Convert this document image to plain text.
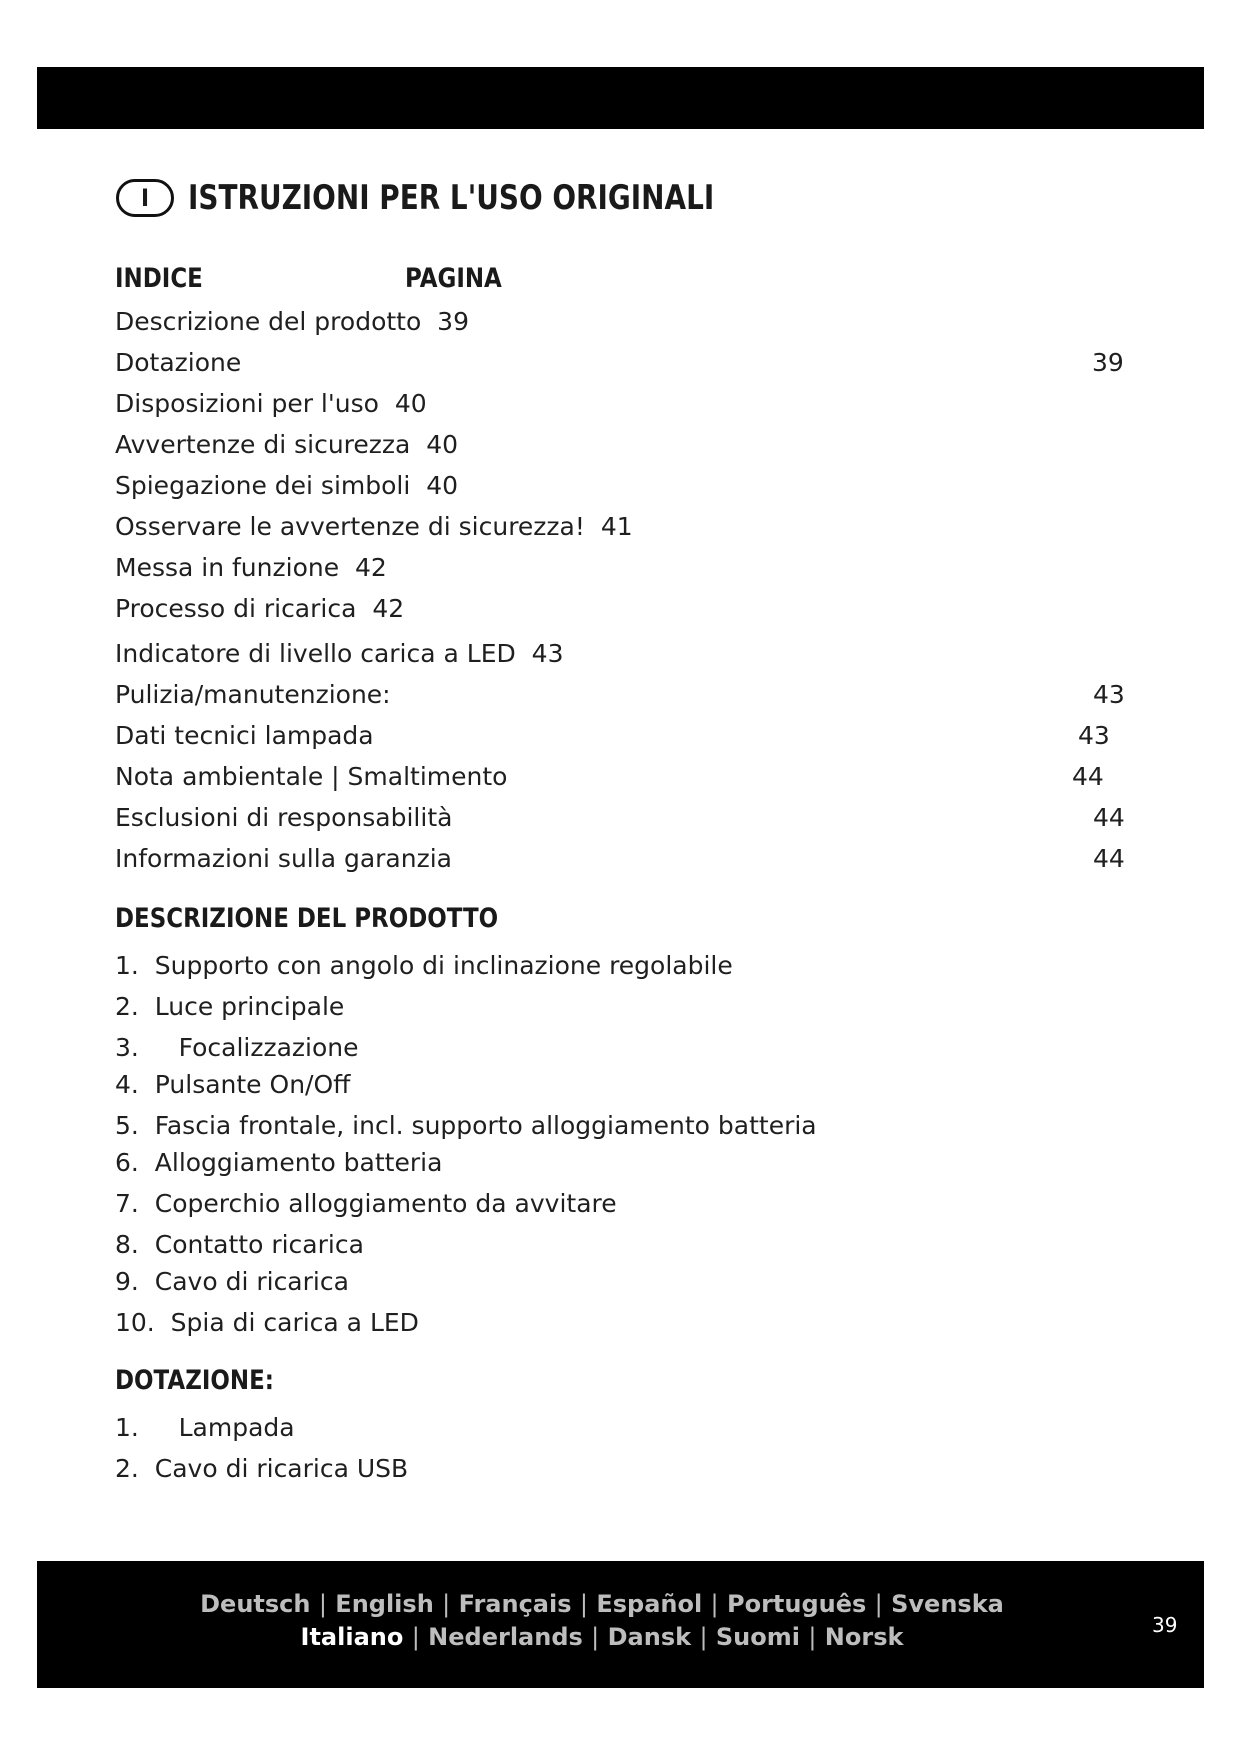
I	ISTRUZIONI PER L'USO ORIGINALI
INDICE	PAGINA
Descrizione del prodotto 39
Dotazione	39
Disposizioni per l'uso 40
Avvertenze di sicurezza 40
Spiegazione dei simboli 40
Osservare le avvertenze di sicurezza! 41
Messa in funzione 42
Processo di ricarica 42
Indicatore di livello carica a LED 43
Pulizia/manutenzione:	43
Dati tecnici lampada	43
Nota ambientale | Smaltimento	44
Esclusioni di responsabilità	44
Informazioni sulla garanzia	44
DESCRIZIONE DEL PRODOTTO
1. Supporto con angolo di inclinazione regolabile
2. Luce principale
3. Focalizzazione
4. Pulsante On/Off
5. Fascia frontale, incl. supporto alloggiamento batteria
6. Alloggiamento batteria
7. Coperchio alloggiamento da avvitare
8. Contatto ricarica
9. Cavo di ricarica
10. Spia di carica a LED
DOTAZIONE:
1. Lampada
2. Cavo di ricarica USB
Deutsch | English | Français | Español | Português | Svenska
Italiano | Nederlands | Dansk | Suomi | Norsk	39
